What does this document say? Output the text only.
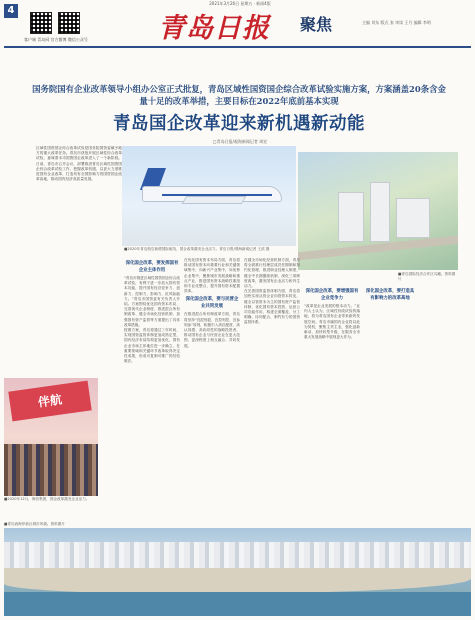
4
2021年3月26日 星期五 · 新闻4版
客户端 青岛网 官方微博 微信公众号	青岛日报 聚焦	主编 刘东 版式 张 审读 王月 编辑 李明
国务院国有企业改革领导小组办公室正式批复，青岛区域性国资国企综合改革试验实施方案，方案涵盖20条含金量十足的改革举措，主要目标在2022年底前基本实现
青岛国企改革迎来新机遇新动能
□青岛日报/观海新闻记者 周宏
区域性国资国企综合改革试验是国务院国资委赋予地方的重大改革任务。青岛市获批开展区域性综合改革试验，意味着本市国资国企改革进入了一个新阶段。日前，青岛市召开会议，部署推进青岛区域性国资国企综合改革试验工作，把握改革机遇，以更大力度推进国有企业改革，打造具有全国影响力的国资国企改革高地，推动国有经济高质量发展。
■2020年青岛航空新增国际航线，国企改革激发企业活力。青岛日报/观海新闻记者 王滨 摄
■青岛国际经济合作区鸟瞰。资料图片
深化国企改革，要发挥国有企业主体作用

“青岛市推进区域性国资国企综合改革试验，有利于进一步放大国有资本功能，提升国有经济竞争力、创新力、控制力、影响力、抗风险能力。”青岛市国资委有关负责人介绍。方案围绕优化国有资本布局、完善现代企业制度、推进混合所有制改革、健全市场化经营机制、加强国有资产监管等方面提出了具体改革措施。

按照方案，青岛将通过三年时间，实现国资监管体制更加成熟定型，国有经济布局结构更加优化，国有企业市场主体地位进一步确立，在重要领域和关键环节改革取得决定性成果，形成可复制可推广的经验做法。

在优化国有资本布局方面，青岛将推动国有资本向重要行业和关键领域集中，向新兴产业集中，向优势企业集中，聚焦城市发展战略和重点产业，推进国有资本战略性重组和专业化整合，提升国有资本配置效率。

深化国企改革，要与民营企业共同发展

在推进混合所有制改革方面，青岛将坚持“宜混则混、宜控则控、宜参则参”原则，积极引入高匹配度、高认同感、高协同性的战略投资者，推动国有企业与民营企业在更大范围、更深程度上相互融合、共同发展。

在健全市场化经营机制方面，青岛将全面推行经理层成员任期制和契约化管理，推进职业经理人制度，健全中长期激励机制，深化三项制度改革，激发国有企业活力和内生动力。

在完善国资监管体制方面，青岛将加快实现从管企业向管资本转变，健全以管资本为主的国有资产监管体制，优化国有资本投资、运营公司功能作用，构建全面覆盖、分工明确、协同配合、制约有力的国资监管体系。

深化国企改革，要增强国有企业竞争力

“改革是企业发展的根本动力。”业内人士认为，区域性综改试验的落地，将为青岛国有企业带来新的发展空间。青岛市属国有企业将以此为契机，聚焦主责主业，强化创新驱动，加快转型升级，在服务全市重大发展战略中展现更大作为。

深化国企改革，要打造具有影响力的改革高地
伴航
■2020年12月，海信集团，国企改革激发企业活力。
■青岛西海岸新区城市风貌。资料图片
